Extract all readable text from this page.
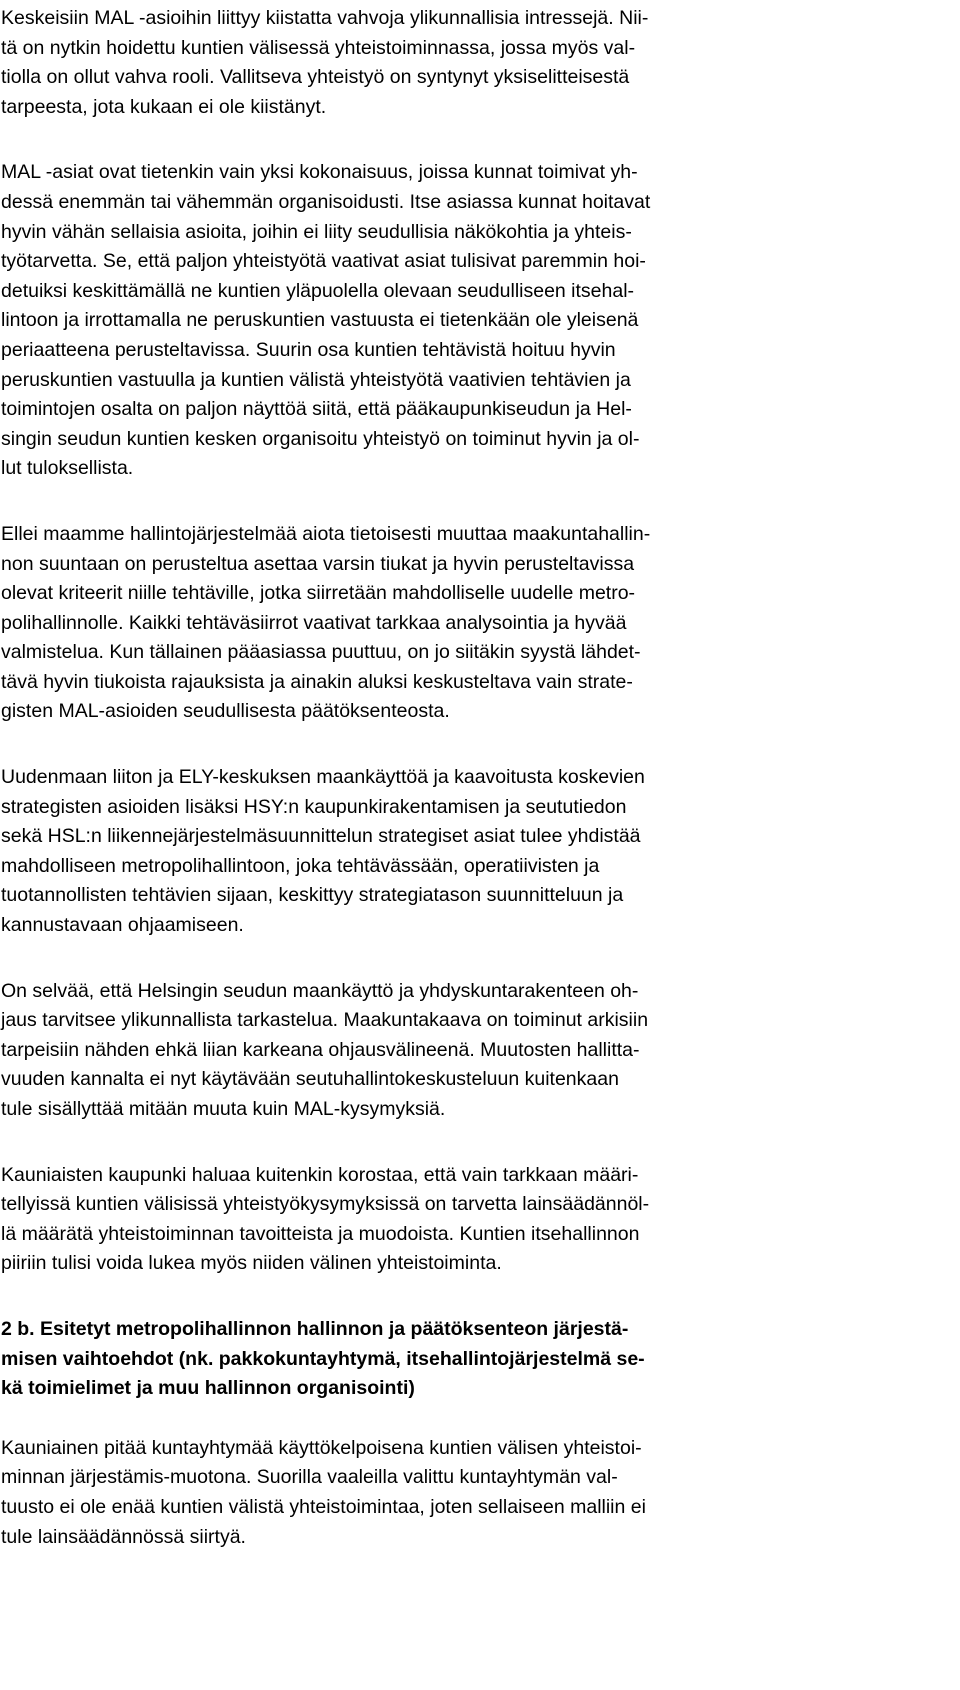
Keskeisiin MAL -asioihin liittyy kiistatta vahvoja ylikunnallisia intressejä. Nii-
tä on nytkin hoidettu kuntien välisessä yhteistoiminnassa, jossa myös val-
tiolla on ollut vahva rooli. Vallitseva yhteistyö on syntynyt yksiselitteisestä
tarpeesta, jota kukaan ei ole kiistänyt.
MAL -asiat ovat tietenkin vain yksi kokonaisuus, joissa kunnat toimivat yh-
dessä enemmän tai vähemmän organisoidusti. Itse asiassa kunnat hoitavat
hyvin vähän sellaisia asioita, joihin ei liity seudullisia näkökohtia ja yhteis-
työtarvetta. Se, että paljon yhteistyötä vaativat asiat tulisivat paremmin hoi-
detuiksi keskittämällä ne kuntien yläpuolella olevaan seudulliseen itsehal-
lintoon ja irrottamalla ne peruskuntien vastuusta ei tietenkään ole yleisenä
periaatteena perusteltavissa. Suurin osa kuntien tehtävistä hoituu hyvin
peruskuntien vastuulla ja kuntien välistä yhteistyötä vaativien tehtävien ja
toimintojen osalta on paljon näyttöä siitä, että pääkaupunkiseudun ja Hel-
singin seudun kuntien kesken organisoitu yhteistyö on toiminut hyvin ja ol-
lut tuloksellista.
Ellei maamme hallintojärjestelmää aiota tietoisesti muuttaa maakuntahallin-
non suuntaan on perusteltua asettaa varsin tiukat ja hyvin perusteltavissa
olevat kriteerit niille tehtäville, jotka siirretään mahdolliselle uudelle metro-
polihallinnolle. Kaikki tehtäväsiirrot vaativat tarkkaa analysointia ja hyvää
valmistelua. Kun tällainen pääasiassa puuttuu, on jo siitäkin syystä lähdet-
tävä hyvin tiukoista rajauksista ja ainakin aluksi keskusteltava vain strate-
gisten MAL-asioiden seudullisesta päätöksenteosta.
Uudenmaan liiton ja ELY-keskuksen maankäyttöä ja kaavoitusta koskevien
strategisten asioiden lisäksi HSY:n kaupunkirakentamisen ja seututiedon
sekä HSL:n liikennejärjestelmäsuunnittelun strategiset asiat tulee yhdistää
mahdolliseen metropolihallintoon, joka tehtävässään, operatiivisten ja
tuotannollisten tehtävien sijaan, keskittyy strategiatason suunnitteluun ja
kannustavaan ohjaamiseen.
On selvää, että Helsingin seudun maankäyttö ja yhdyskuntarakenteen oh-
jaus tarvitsee ylikunnallista tarkastelua. Maakuntakaava on toiminut arkisiin
tarpeisiin nähden ehkä liian karkeana ohjausvälineenä. Muutosten hallitta-
vuuden kannalta ei nyt käytävään seutuhallintokeskusteluun kuitenkaan
tule sisällyttää mitään muuta kuin MAL-kysymyksiä.
Kauniaisten kaupunki haluaa kuitenkin korostaa, että vain tarkkaan määri-
tellyissä kuntien välisissä yhteistyökysymyksissä on tarvetta lainsäädännöl-
lä määrätä yhteistoiminnan tavoitteista ja muodoista. Kuntien itsehallinnon
piiriin tulisi voida lukea myös niiden välinen yhteistoiminta.
2 b. Esitetyt metropolihallinnon hallinnon ja päätöksenteon järjestä-
misen vaihtoehdot (nk. pakkokuntayhtymä, itsehallintojärjestelmä se-
kä toimielimet ja muu hallinnon organisointi)
Kauniainen pitää kuntayhtymää käyttökelpoisena kuntien välisen yhteistoi-
minnan järjestämis-muotona. Suorilla vaaleilla valittu kuntayhtymän val-
tuusto ei ole enää kuntien välistä yhteistoimintaa, joten sellaiseen malliin ei
tule lainsäädännössä siirtyä.
